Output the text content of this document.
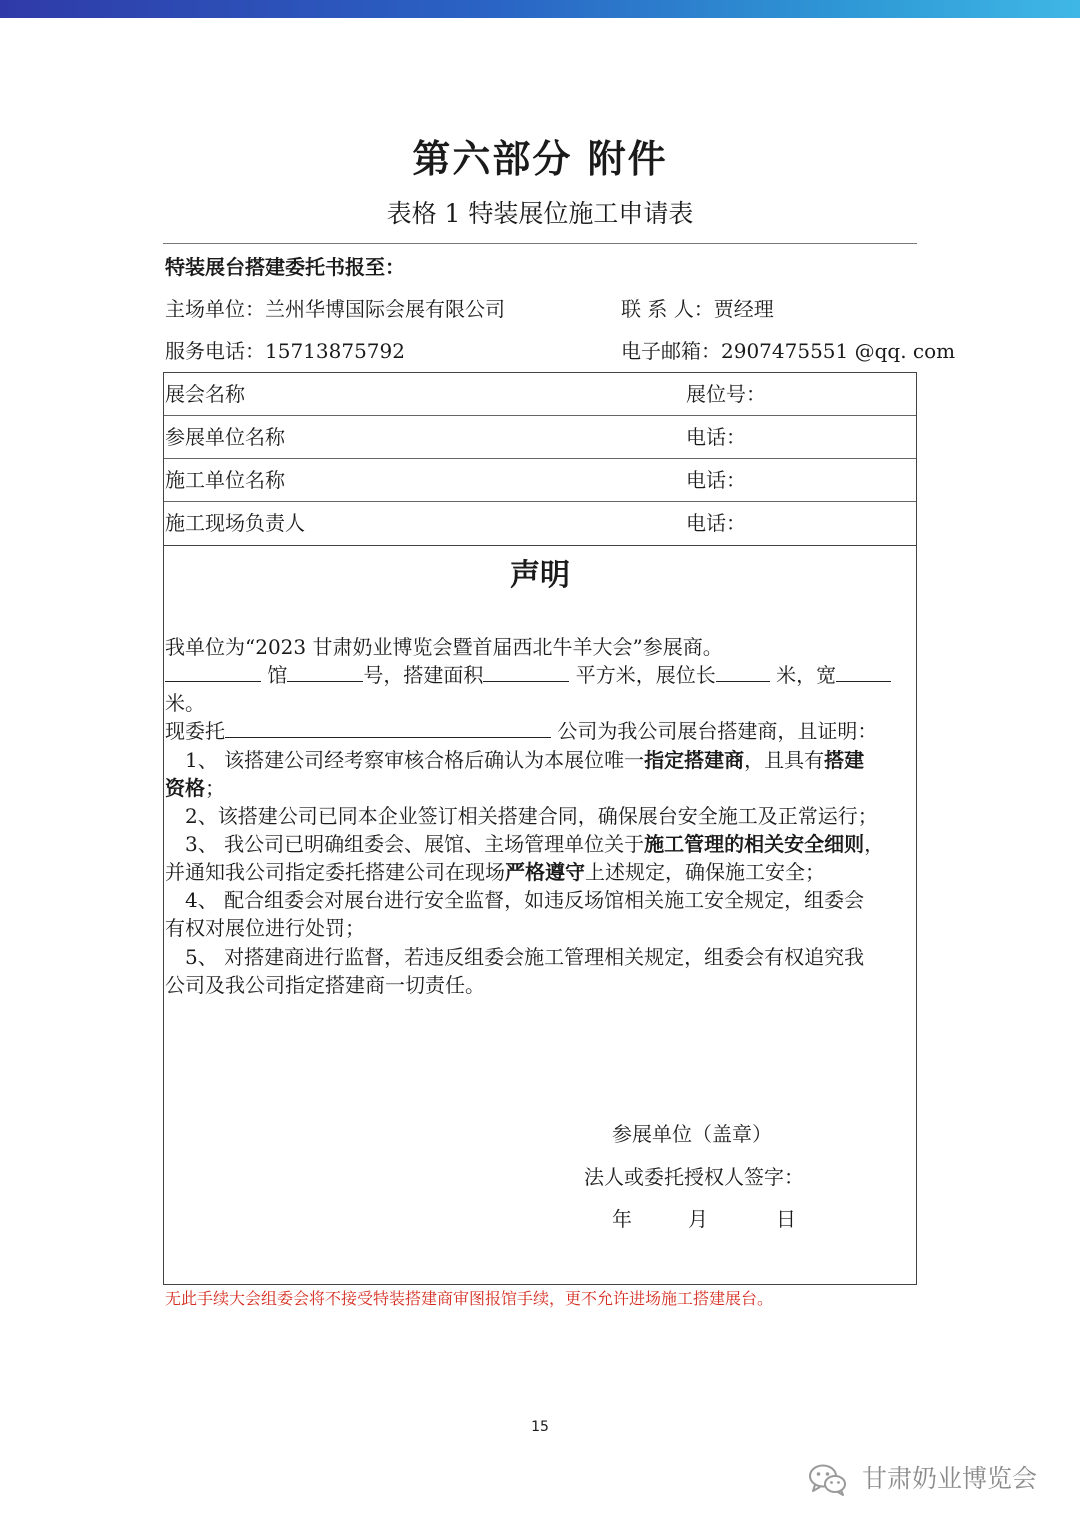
第六部分 附件
表格 1 特装展位施工申请表
特装展台搭建委托书报至：
主场单位：兰州华博国际会展有限公司	联 系 人：贾经理
服务电话：15713875792	电子邮箱：2907475551 @qq. com
展会名称	展位号：
参展单位名称	电话：
施工单位名称	电话：
施工现场负责人	电话：
声明
我单位为“2023 甘肃奶业博览会暨首届西北牛羊大会”参展商。
馆	号，搭建面积	平方米，展位长	米，宽
米。
现委托	公司为我公司展台搭建商，且证明：
1、 该搭建公司经考察审核合格后确认为本展位唯一指定搭建商，且具有搭建
资格；
2、该搭建公司已同本企业签订相关搭建合同，确保展台安全施工及正常运行；
3、 我公司已明确组委会、展馆、主场管理单位关于施工管理的相关安全细则，
并通知我公司指定委托搭建公司在现场严格遵守上述规定，确保施工安全；
4、 配合组委会对展台进行安全监督，如违反场馆相关施工安全规定，组委会
有权对展位进行处罚；
5、 对搭建商进行监督，若违反组委会施工管理相关规定，组委会有权追究我
公司及我公司指定搭建商一切责任。
参展单位（盖章）
法人或委托授权人签字：
年	月	日
无此手续大会组委会将不接受特装搭建商审图报馆手续，更不允许进场施工搭建展台。
15
甘肃奶业博览会
